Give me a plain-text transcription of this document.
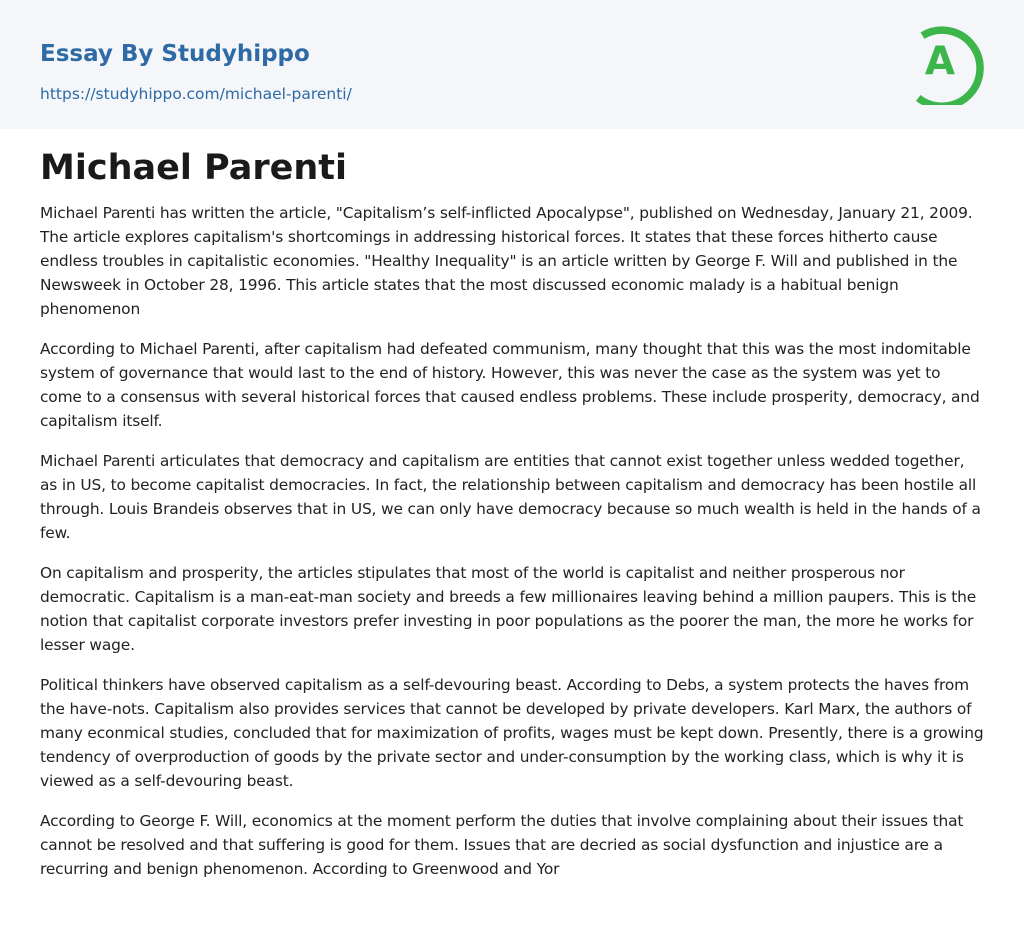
Essay By Studyhippo
https://studyhippo.com/michael-parenti/
A
Michael Parenti

Michael Parenti has written the article, "Capitalism’s self-inflicted Apocalypse", published on Wednesday, January 21, 2009. The article explores capitalism's shortcomings in addressing historical forces. It states that these forces hitherto cause endless troubles in capitalistic economies. "Healthy Inequality" is an article written by George F. Will and published in the Newsweek in October 28, 1996. This article states that the most discussed economic malady is a habitual benign phenomenon

According to Michael Parenti, after capitalism had defeated communism, many thought that this was the most indomitable system of governance that would last to the end of history. However, this was never the case as the system was yet to come to a consensus with several historical forces that caused endless problems. These include prosperity, democracy, and capitalism itself.

Michael Parenti articulates that democracy and capitalism are entities that cannot exist together unless wedded together, as in US, to become capitalist democracies. In fact, the relationship between capitalism and democracy has been hostile all through. Louis Brandeis observes that in US, we can only have democracy because so much wealth is held in the hands of a few.

On capitalism and prosperity, the articles stipulates that most of the world is capitalist and neither prosperous nor democratic. Capitalism is a man-eat-man society and breeds a few millionaires leaving behind a million paupers. This is the notion that capitalist corporate investors prefer investing in poor populations as the poorer the man, the more he works for lesser wage.

Political thinkers have observed capitalism as a self-devouring beast. According to Debs, a system protects the haves from the have-nots. Capitalism also provides services that cannot be developed by private developers. Karl Marx, the authors of many econmical studies, concluded that for maximization of profits, wages must be kept down. Presently, there is a growing tendency of overproduction of goods by the private sector and under-consumption by the working class, which is why it is viewed as a self-devouring beast.

According to George F. Will, economics at the moment perform the duties that involve complaining about their issues that cannot be resolved and that suffering is good for them. Issues that are decried as social dysfunction and injustice are a recurring and benign phenomenon. According to Greenwood and Yor
